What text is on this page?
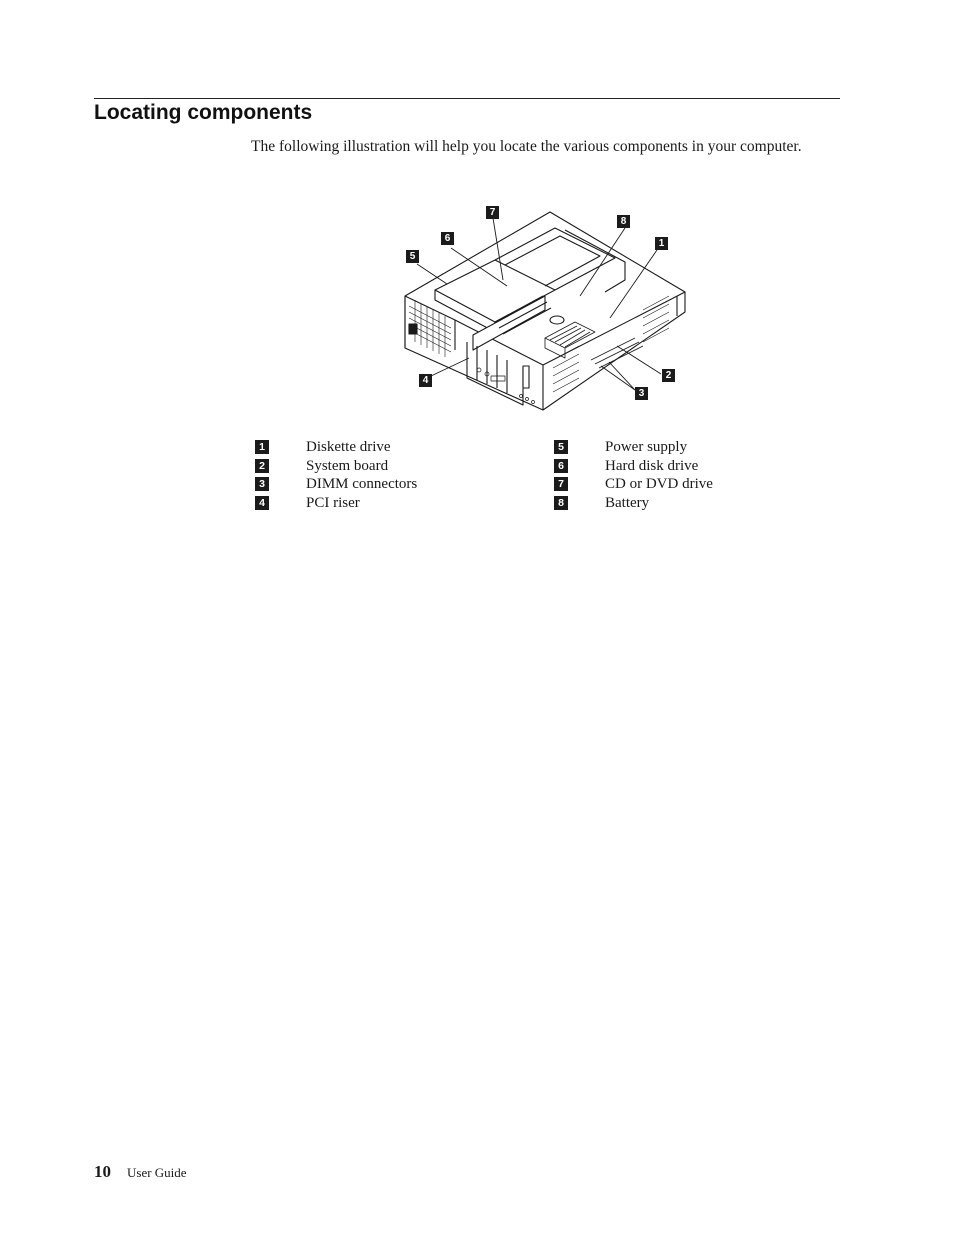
Locating components

The following illustration will help you locate the various components in your computer.

7
8
6	1
5
2
4
3
1	Diskette drive
2	System board
3	DIMM connectors
4	PCI riser
5	Power supply
6	Hard disk drive
7	CD or DVD drive
8	Battery
10 User Guide
